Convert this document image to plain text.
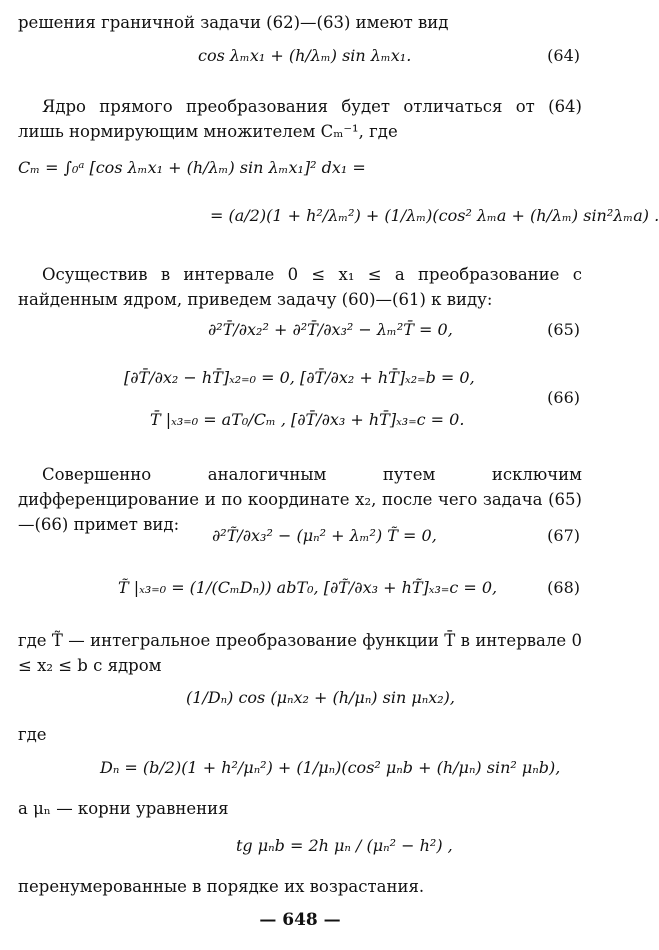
решения граничной задачи (62)—(63) имеют вид
cos λₘx₁ + (h/λₘ) sin λₘx₁.	(64)
Ядро прямого преобразования будет отличаться от (64) лишь нормирующим множителем Cₘ⁻¹, где
Cₘ = ∫₀ᵃ [cos λₘx₁ + (h/λₘ) sin λₘx₁]² dx₁ =
= (a/2)(1 + h²/λₘ²) + (1/λₘ)(cos² λₘa + (h/λₘ) sin²λₘa) .
Осуществив в интервале 0 ≤ x₁ ≤ a преобразование с найденным ядром, приведем задачу (60)—(61) к виду:
∂²T̄/∂x₂² + ∂²T̄/∂x₃² − λₘ²T̄ = 0,	(65)
[∂T̄/∂x₂ − hT̄]ₓ₂₌₀ = 0, [∂T̄/∂x₂ + hT̄]ₓ₂₌b = 0,
T̄ |ₓ₃₌₀ = aT₀/Cₘ , [∂T̄/∂x₃ + hT̄]ₓ₃₌c = 0.
(66)
Совершенно аналогичным путем исключим дифференцирование и по координате x₂, после чего задача (65)—(66) примет вид:
∂²T̃/∂x₃² − (μₙ² + λₘ²) T̃ = 0,	(67)
T̃ |ₓ₃₌₀ = (1/(CₘDₙ)) abT₀, [∂T̃/∂x₃ + hT̃]ₓ₃₌c = 0,	(68)
где T̃ — интегральное преобразование функции T̄ в интервале 0 ≤ x₂ ≤ b с ядром
(1/Dₙ) cos (μₙx₂ + (h/μₙ) sin μₙx₂),
где
Dₙ = (b/2)(1 + h²/μₙ²) + (1/μₙ)(cos² μₙb + (h/μₙ) sin² μₙb),
а μₙ — корни уравнения
tg μₙb = 2h μₙ / (μₙ² − h²) ,
перенумерованные в порядке их возрастания.
— 648 —
